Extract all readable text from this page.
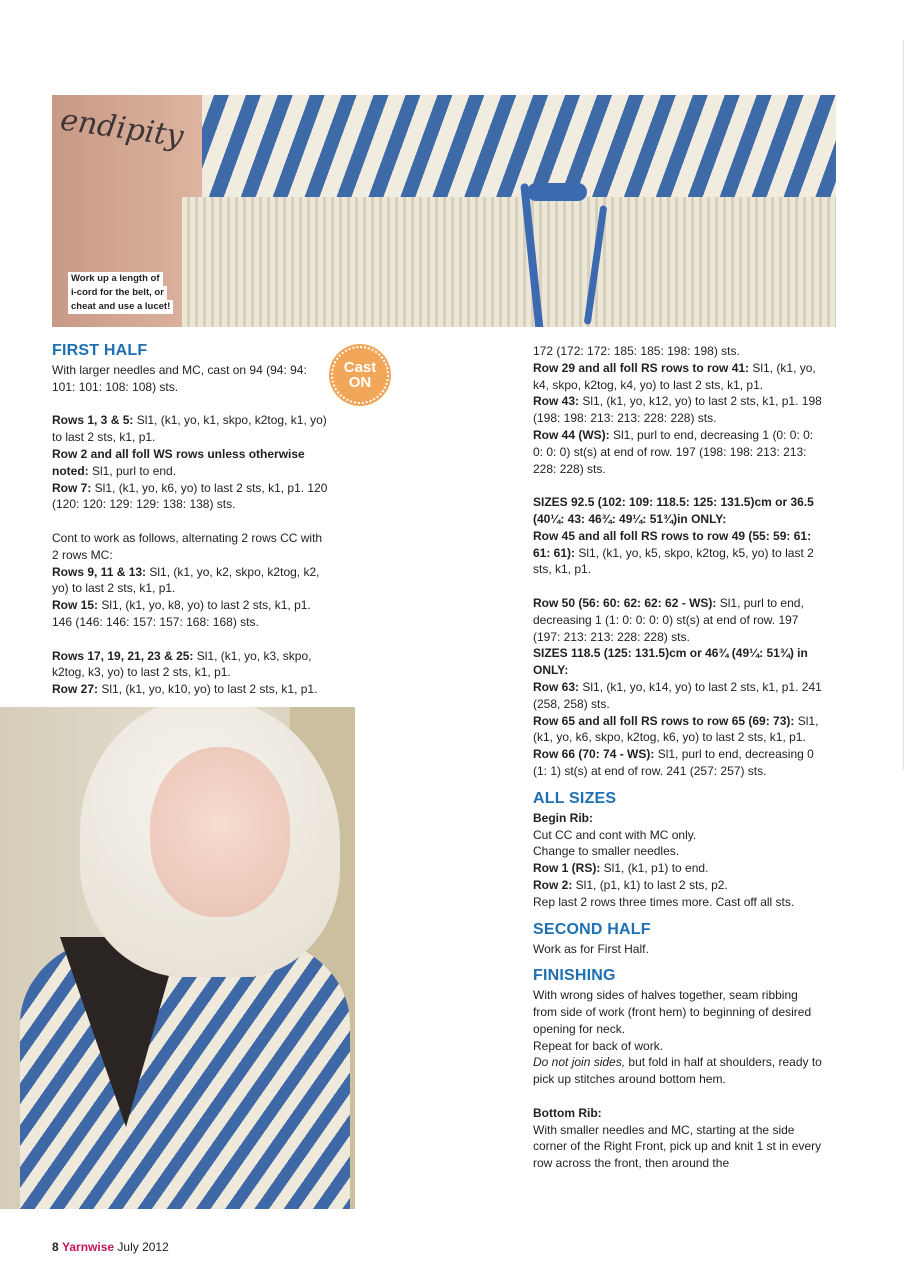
endipity
Work up a length of
i-cord for the belt, or
cheat and use a lucet!
Cast
ON
FIRST HALF

With larger needles and MC, cast on 94 (94: 94: 101: 101: 108: 108) sts.

Rows 1, 3 & 5: Sl1, (k1, yo, k1, skpo, k2tog, k1, yo) to last 2 sts, k1, p1.

Row 2 and all foll WS rows unless otherwise noted: Sl1, purl to end.

Row 7: Sl1, (k1, yo, k6, yo) to last 2 sts, k1, p1. 120 (120: 120: 129: 129: 138: 138) sts.

Cont to work as follows, alternating 2 rows CC with 2 rows MC:

Rows 9, 11 & 13: Sl1, (k1, yo, k2, skpo, k2tog, k2, yo) to last 2 sts, k1, p1.

Row 15: Sl1, (k1, yo, k8, yo) to last 2 sts, k1, p1. 146 (146: 146: 157: 157: 168: 168) sts.

Rows 17, 19, 21, 23 & 25: Sl1, (k1, yo, k3, skpo, k2tog, k3, yo) to last 2 sts, k1, p1.

Row 27: Sl1, (k1, yo, k10, yo) to last 2 sts, k1, p1.

172 (172: 172: 185: 185: 198: 198) sts.

Row 29 and all foll RS rows to row 41: Sl1, (k1, yo, k4, skpo, k2tog, k4, yo) to last 2 sts, k1, p1.

Row 43: Sl1, (k1, yo, k12, yo) to last 2 sts, k1, p1. 198 (198: 198: 213: 213: 228: 228) sts.

Row 44 (WS): Sl1, purl to end, decreasing 1 (0: 0: 0: 0: 0: 0) st(s) at end of row. 197 (198: 198: 213: 213: 228: 228) sts.

SIZES 92.5 (102: 109: 118.5: 125: 131.5)cm or 36.5 (40¼: 43: 46¾: 49¼: 51¾)in ONLY:

Row 45 and all foll RS rows to row 49 (55: 59: 61: 61: 61): Sl1, (k1, yo, k5, skpo, k2tog, k5, yo) to last 2 sts, k1, p1.

Row 50 (56: 60: 62: 62: 62 - WS): Sl1, purl to end, decreasing 1 (1: 0: 0: 0: 0) st(s) at end of row. 197 (197: 213: 213: 228: 228) sts.

SIZES 118.5 (125: 131.5)cm or 46¾ (49¼: 51¾) in ONLY:

Row 63: Sl1, (k1, yo, k14, yo) to last 2 sts, k1, p1. 241 (258, 258) sts.

Row 65 and all foll RS rows to row 65 (69: 73): Sl1, (k1, yo, k6, skpo, k2tog, k6, yo) to last 2 sts, k1, p1.

Row 66 (70: 74 - WS): Sl1, purl to end, decreasing 0 (1: 1) st(s) at end of row. 241 (257: 257) sts.

ALL SIZES

Begin Rib:

Cut CC and cont with MC only.

Change to smaller needles.

Row 1 (RS): Sl1, (k1, p1) to end.

Row 2: Sl1, (p1, k1) to last 2 sts, p2.

Rep last 2 rows three times more. Cast off all sts.

SECOND HALF

Work as for First Half.

FINISHING

With wrong sides of halves together, seam ribbing from side of work (front hem) to beginning of desired opening for neck.

Repeat for back of work.

Do not join sides, but fold in half at shoulders, ready to pick up stitches around bottom hem.

Bottom Rib:

With smaller needles and MC, starting at the side corner of the Right Front, pick up and knit 1 st in every row across the front, then around the

8 Yarnwise July 2012
